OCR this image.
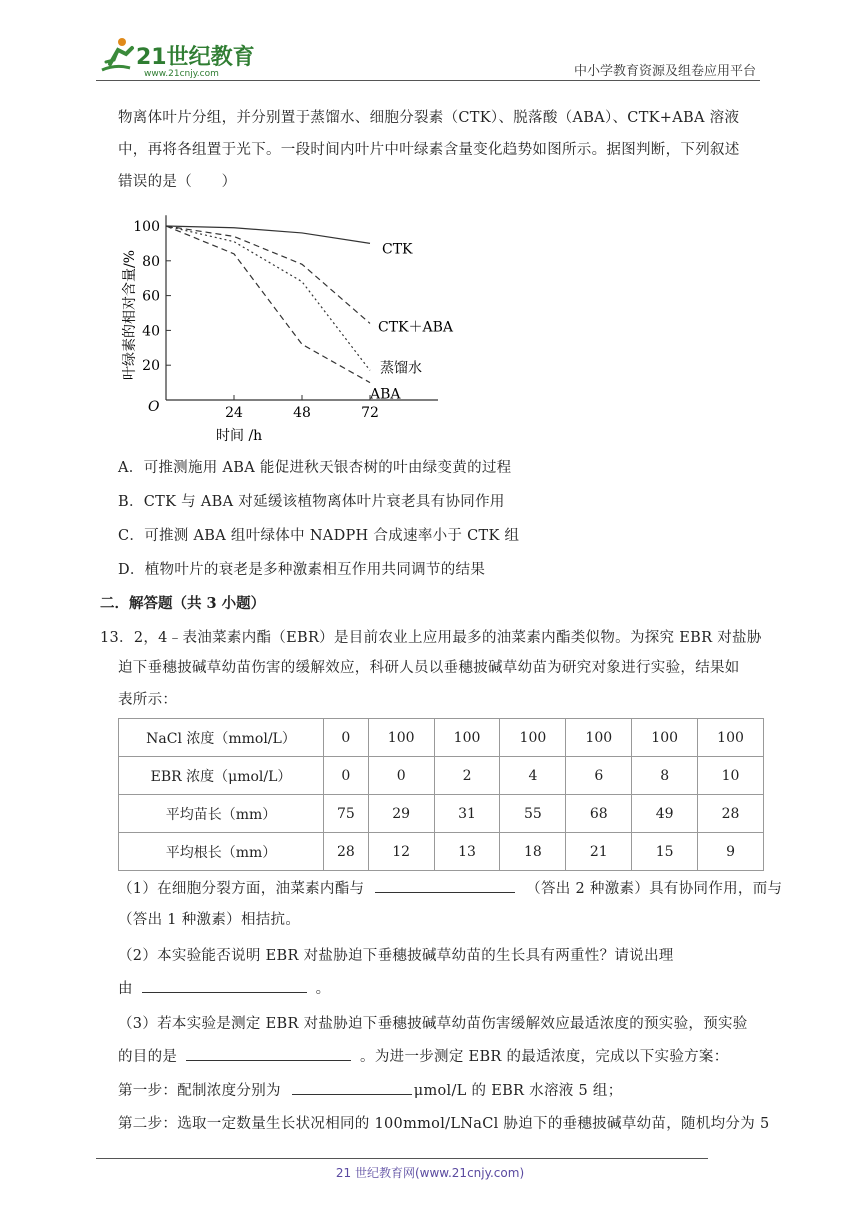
21世纪教育
www.21cnjy.com	中小学教育资源及组卷应用平台
物离体叶片分组，并分别置于蒸馏水、细胞分裂素（CTK）、脱落酸（ABA）、CTK+ABA 溶液
中，再将各组置于光下。一段时间内叶片中叶绿素含量变化趋势如图所示。据图判断，下列叙述
错误的是（　　）
20
40
60
80
100
24	48	72
CTK
CTK＋ABA
蒸馏水
ABA
O
时间 /h
叶绿素的相对含量/%
A．可推测施用 ABA 能促进秋天银杏树的叶由绿变黄的过程
B．CTK 与 ABA 对延缓该植物离体叶片衰老具有协同作用
C．可推测 ABA 组叶绿体中 NADPH 合成速率小于 CTK 组
D．植物叶片的衰老是多种激素相互作用共同调节的结果
二．解答题（共 3 小题）
13．2，4﹣表油菜素内酯（EBR）是目前农业上应用最多的油菜素内酯类似物。为探究 EBR 对盐胁
迫下垂穗披碱草幼苗伤害的缓解效应，科研人员以垂穗披碱草幼苗为研究对象进行实验，结果如
表所示：
NaCl 浓度（mmol/L）	0	100	100	100	100	100	100
EBR 浓度（μmol/L）	0	0	2	4	6	8	10
平均苗长（mm）	75	29	31	55	68	49	28
平均根长（mm）	28	12	13	18	21	15	9
（1）在细胞分裂方面，油菜素内酯与	（答出 2 种激素）具有协同作用，而与
（答出 1 种激素）相拮抗。
（2）本实验能否说明 EBR 对盐胁迫下垂穗披碱草幼苗的生长具有两重性？请说出理
由	。
（3）若本实验是测定 EBR 对盐胁迫下垂穗披碱草幼苗伤害缓解效应最适浓度的预实验，预实验
的目的是	。为进一步测定 EBR 的最适浓度，完成以下实验方案：
第一步：配制浓度分别为	μmol/L 的 EBR 水溶液 5 组；
第二步：选取一定数量生长状况相同的 100mmol/LNaCl 胁迫下的垂穗披碱草幼苗，随机均分为 5
21 世纪教育网(www.21cnjy.com)
